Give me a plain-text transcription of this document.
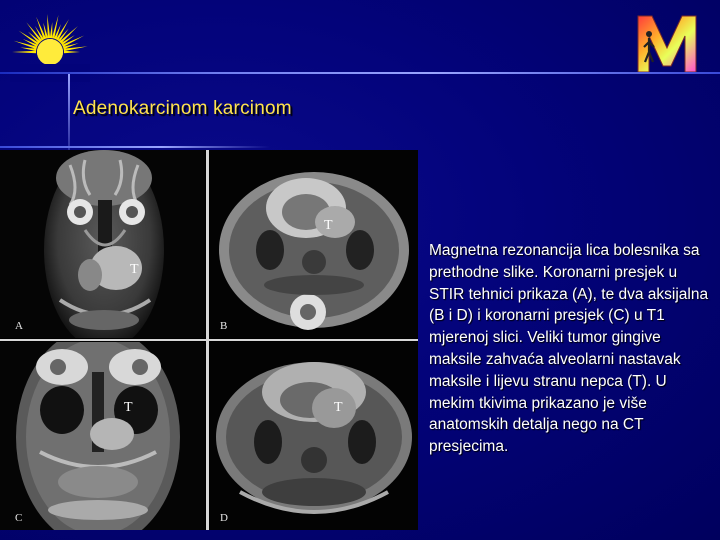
Adenokarcinom karcinom
A
T
B
T
C
T
D
T
Magnetna rezonancija lica bolesnika sa prethodne slike. Koronarni presjek u STIR tehnici prikaza (A), te dva aksijalna (B i D) i koronarni presjek (C) u T1 mjerenoj slici. Veliki tumor gingive maksile zahvaća alveolarni nastavak maksile i lijevu stranu nepca (T). U mekim tkivima prikazano je više anatomskih detalja nego na CT presjecima.
